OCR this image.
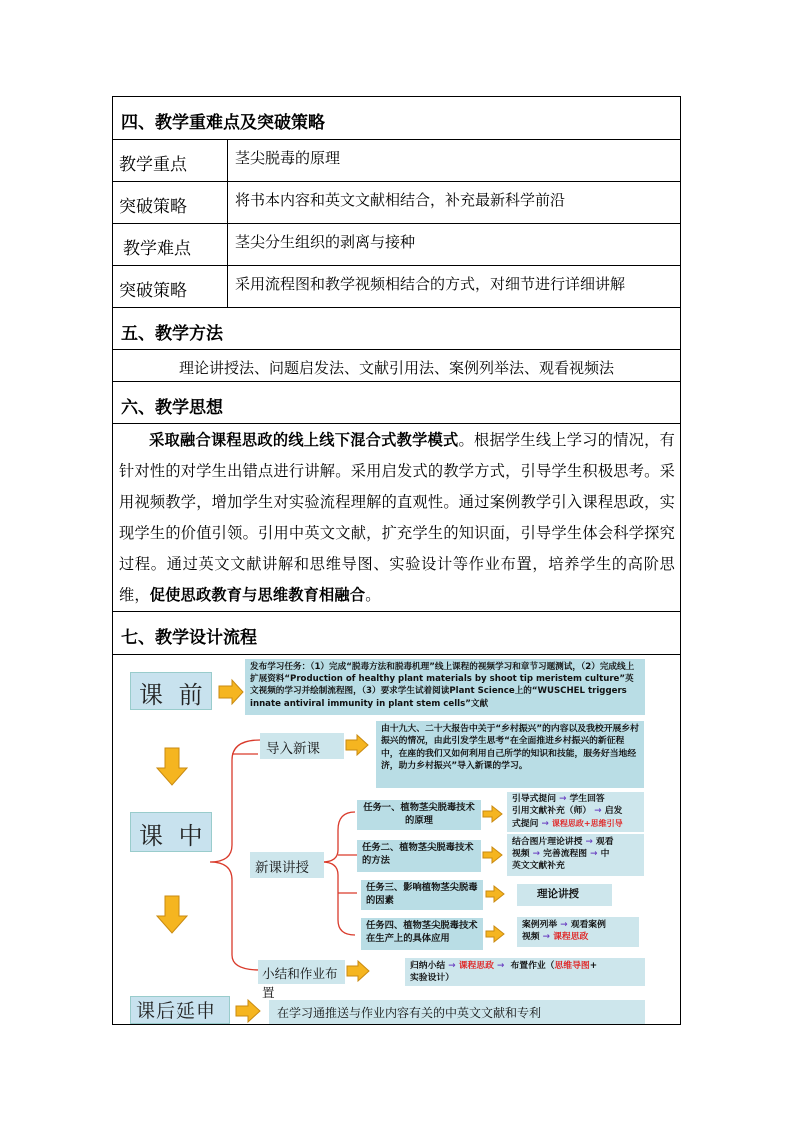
四、教学重难点及突破策略
教学重点	茎尖脱毒的原理
突破策略	将书本内容和英文文献相结合，补充最新科学前沿
教学难点	茎尖分生组织的剥离与接种
突破策略	采用流程图和教学视频相结合的方式，对细节进行详细讲解
五、教学方法
理论讲授法、问题启发法、文献引用法、案例列举法、观看视频法
六、教学思想
采取融合课程思政的线上线下混合式教学模式。根据学生线上学习的情况，有针对性的对学生出错点进行讲解。采用启发式的教学方式，引导学生积极思考。采用视频教学，增加学生对实验流程理解的直观性。通过案例教学引入课程思政，实现学生的价值引领。引用中英文文献，扩充学生的知识面，引导学生体会科学探究过程。通过英文文献讲解和思维导图、实验设计等作业布置，培养学生的高阶思维，促使思政教育与思维教育相融合。
七、教学设计流程
课 前
发布学习任务：（1）完成“脱毒方法和脱毒机理”线上课程的视频学习和章节习题测试，（2）完成线上扩展资料“Production of healthy plant materials by shoot tip meristem culture”英文视频的学习并绘制流程图，（3）要求学生试着阅读Plant Science上的“WUSCHEL triggers innate antiviral immunity in plant stem cells”文献
课 中
导入新课
由十九大、二十大报告中关于“乡村振兴”的内容以及我校开展乡村振兴的情况，由此引发学生思考“在全面推进乡村振兴的新征程中，在座的我们又如何利用自己所学的知识和技能，服务好当地经济，助力乡村振兴”导入新课的学习。
新课讲授
任务一、植物茎尖脱毒技术的原理
引导式提问 → 学生回答
引用文献补充（师） → 启发
式提问 → 课程思政+思维引导
任务二、植物茎尖脱毒技术的方法
结合图片理论讲授 → 观看
视频 → 完善流程图 → 中
英文文献补充
任务三、影响植物茎尖脱毒的因素
理论讲授
任务四、植物茎尖脱毒技术在生产上的具体应用
案例列举 → 观看案例
视频 → 课程思政
小结和作业布置
归纳小结 → 课程思政 →  布置作业（思维导图+
实验设计）
课后延申	在学习通推送与作业内容有关的中英文文献和专利
